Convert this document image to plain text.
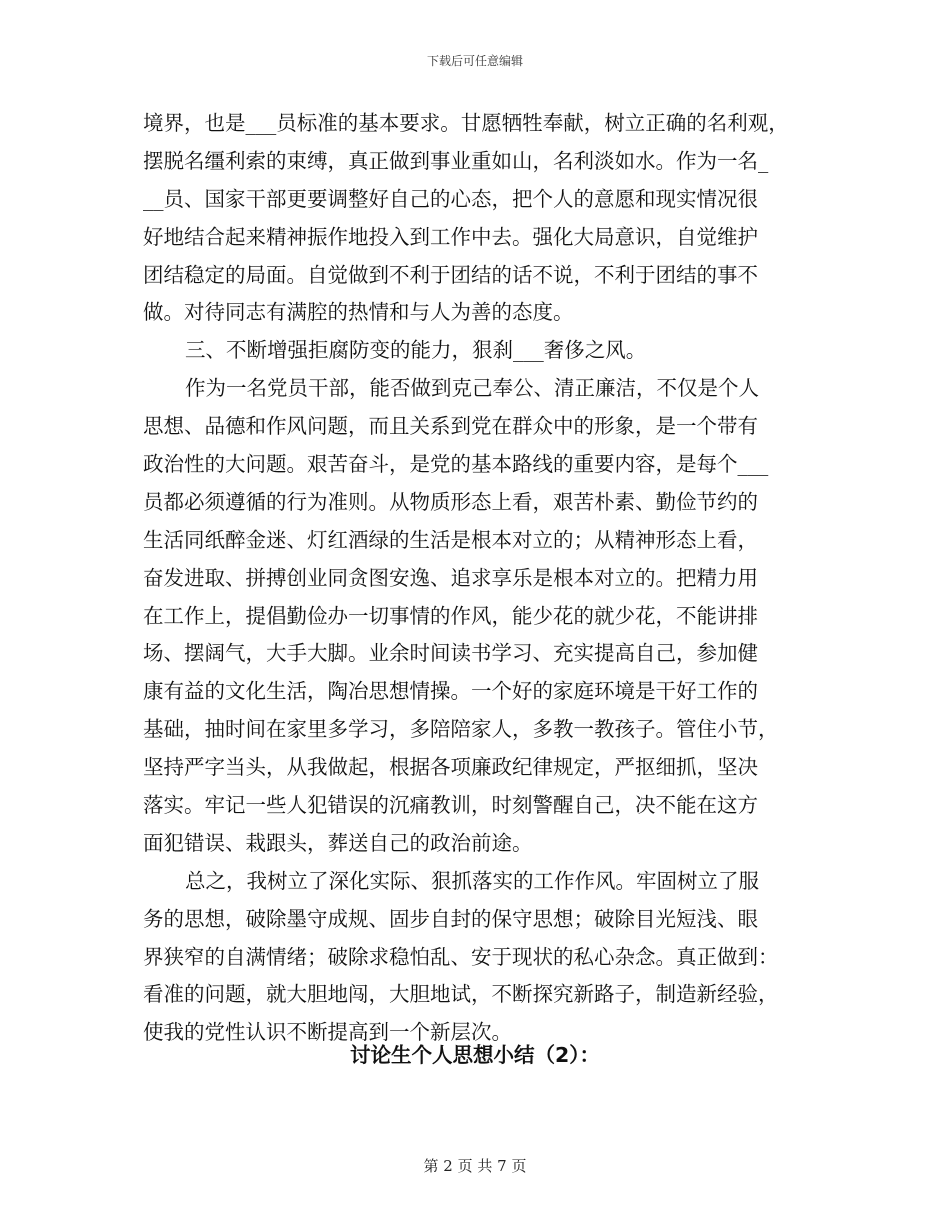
下载后可任意编辑
境界，也是___员标准的基本要求。甘愿牺牲奉献，树立正确的名利观，
摆脱名缰利索的束缚，真正做到事业重如山，名利淡如水。作为一名_
__员、国家干部更要调整好自己的心态，把个人的意愿和现实情况很
好地结合起来精神振作地投入到工作中去。强化大局意识，自觉维护
团结稳定的局面。自觉做到不利于团结的话不说，不利于团结的事不
做。对待同志有满腔的热情和与人为善的态度。
三、不断增强拒腐防变的能力，狠刹___奢侈之风。
作为一名党员干部，能否做到克己奉公、清正廉洁，不仅是个人
思想、品德和作风问题，而且关系到党在群众中的形象，是一个带有
政治性的大问题。艰苦奋斗，是党的基本路线的重要内容，是每个___
员都必须遵循的行为准则。从物质形态上看，艰苦朴素、勤俭节约的
生活同纸醉金迷、灯红酒绿的生活是根本对立的；从精神形态上看，
奋发进取、拼搏创业同贪图安逸、追求享乐是根本对立的。把精力用
在工作上，提倡勤俭办一切事情的作风，能少花的就少花，不能讲排
场、摆阔气，大手大脚。业余时间读书学习、充实提高自己，参加健
康有益的文化生活，陶冶思想情操。一个好的家庭环境是干好工作的
基础，抽时间在家里多学习，多陪陪家人，多教一教孩子。管住小节，
坚持严字当头，从我做起，根据各项廉政纪律规定，严抠细抓，坚决
落实。牢记一些人犯错误的沉痛教训，时刻警醒自己，决不能在这方
面犯错误、栽跟头，葬送自己的政治前途。
总之，我树立了深化实际、狠抓落实的工作作风。牢固树立了服
务的思想，破除墨守成规、固步自封的保守思想；破除目光短浅、眼
界狭窄的自满情绪；破除求稳怕乱、安于现状的私心杂念。真正做到：
看准的问题，就大胆地闯，大胆地试，不断探究新路子，制造新经验，
使我的党性认识不断提高到一个新层次。
讨论生个人思想小结（2）：
第 2 页 共 7 页
